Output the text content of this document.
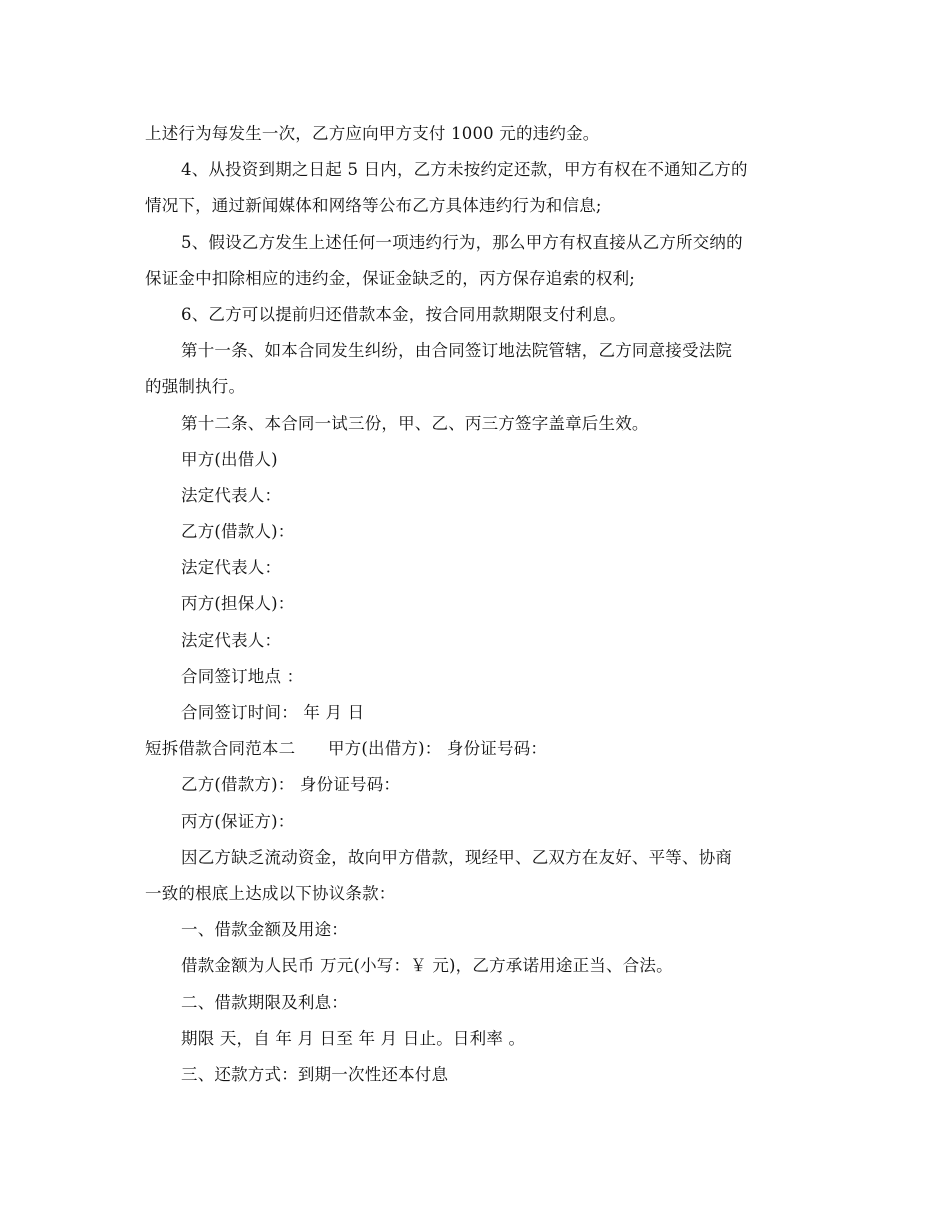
上述行为每发生一次，乙方应向甲方支付 1000 元的违约金。
4、从投资到期之日起 5 日内，乙方未按约定还款，甲方有权在不通知乙方的
情况下，通过新闻媒体和网络等公布乙方具体违约行为和信息;
5、假设乙方发生上述任何一项违约行为，那么甲方有权直接从乙方所交纳的
保证金中扣除相应的违约金，保证金缺乏的，丙方保存追索的权利;
6、乙方可以提前归还借款本金，按合同用款期限支付利息。
第十一条、如本合同发生纠纷，由合同签订地法院管辖，乙方同意接受法院
的强制执行。
第十二条、本合同一试三份，甲、乙、丙三方签字盖章后生效。
甲方(出借人)
法定代表人：
乙方(借款人)：
法定代表人：
丙方(担保人)：
法定代表人：
合同签订地点 ：
合同签订时间： 年 月 日
短拆借款合同范本二      甲方(出借方)： 身份证号码：
乙方(借款方)： 身份证号码：
丙方(保证方)：
因乙方缺乏流动资金，故向甲方借款，现经甲、乙双方在友好、平等、协商
一致的根底上达成以下协议条款：
一、借款金额及用途：
借款金额为人民币 万元(小写：￥ 元)，乙方承诺用途正当、合法。
二、借款期限及利息：
期限 天，自 年 月 日至 年 月 日止。日利率 。
三、还款方式：到期一次性还本付息
